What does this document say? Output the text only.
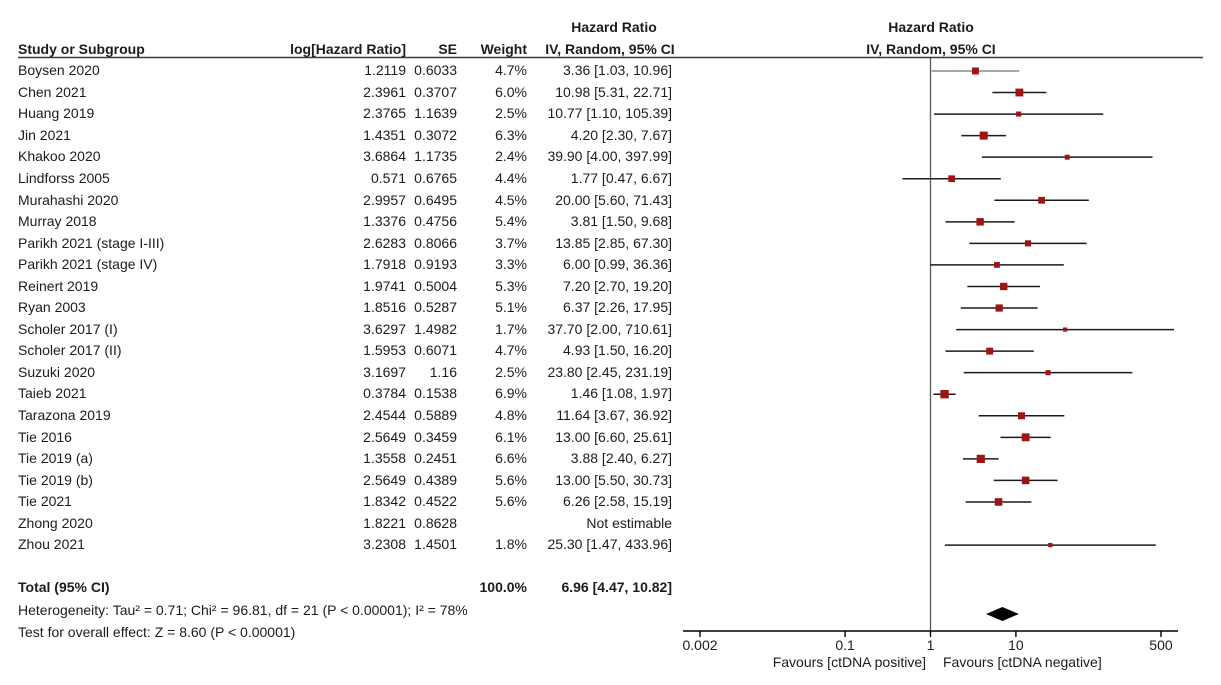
Study or Subgroup	log[Hazard Ratio] SE Weight
Hazard Ratio
IV, Random, 95% CI
Hazard Ratio
IV, Random, 95% CI
Boysen 2020	1.2119 0.6033	4.7%	3.36 [1.03, 10.96]
Chen 2021	2.3961 0.3707	6.0% 10.98 [5.31, 22.71]
Huang 2019	2.3765 1.1639	2.5% 10.77 [1.10, 105.39]
Jin 2021	1.4351 0.3072	6.3%	4.20 [2.30, 7.67]
Khakoo 2020	3.6864 1.1735	2.4% 39.90 [4.00, 397.99]
Lindforss 2005	0.571 0.6765	4.4%	1.77 [0.47, 6.67]
Murahashi 2020	2.9957 0.6495	4.5% 20.00 [5.60, 71.43]
Murray 2018	1.3376 0.4756	5.4%	3.81 [1.50, 9.68]
Parikh 2021 (stage I-III)	2.6283 0.8066	3.7% 13.85 [2.85, 67.30]
Parikh 2021 (stage IV)	1.7918 0.9193	3.3%	6.00 [0.99, 36.36]
Reinert 2019	1.9741 0.5004	5.3%	7.20 [2.70, 19.20]
Ryan 2003	1.8516 0.5287	5.1%	6.37 [2.26, 17.95]
Scholer 2017 (I)	3.6297 1.4982	1.7% 37.70 [2.00, 710.61]
Scholer 2017 (II)	1.5953 0.6071	4.7%	4.93 [1.50, 16.20]
Suzuki 2020	3.1697 1.16	2.5% 23.80 [2.45, 231.19]
Taieb 2021	0.3784 0.1538	6.9%	1.46 [1.08, 1.97]
Tarazona 2019	2.4544 0.5889	4.8% 11.64 [3.67, 36.92]
Tie 2016	2.5649 0.3459	6.1% 13.00 [6.60, 25.61]
Tie 2019 (a)	1.3558 0.2451	6.6%	3.88 [2.40, 6.27]
Tie 2019 (b)	2.5649 0.4389	5.6% 13.00 [5.50, 30.73]
Tie 2021	1.8342 0.4522	5.6%	6.26 [2.58, 15.19]
Zhong 2020	1.8221 0.8628	Not estimable
Zhou 2021	3.2308 1.4501	1.8% 25.30 [1.47, 433.96]
0.002	0.1	1	10	500
Total (95% CI)	100.0% 6.96 [4.47, 10.82]
Heterogeneity: Tau² = 0.71; Chi² = 96.81, df = 21 (P < 0.00001); I² = 78%
Test for overall effect: Z = 8.60 (P < 0.00001)
Favours [ctDNA positive] Favours [ctDNA negative]
